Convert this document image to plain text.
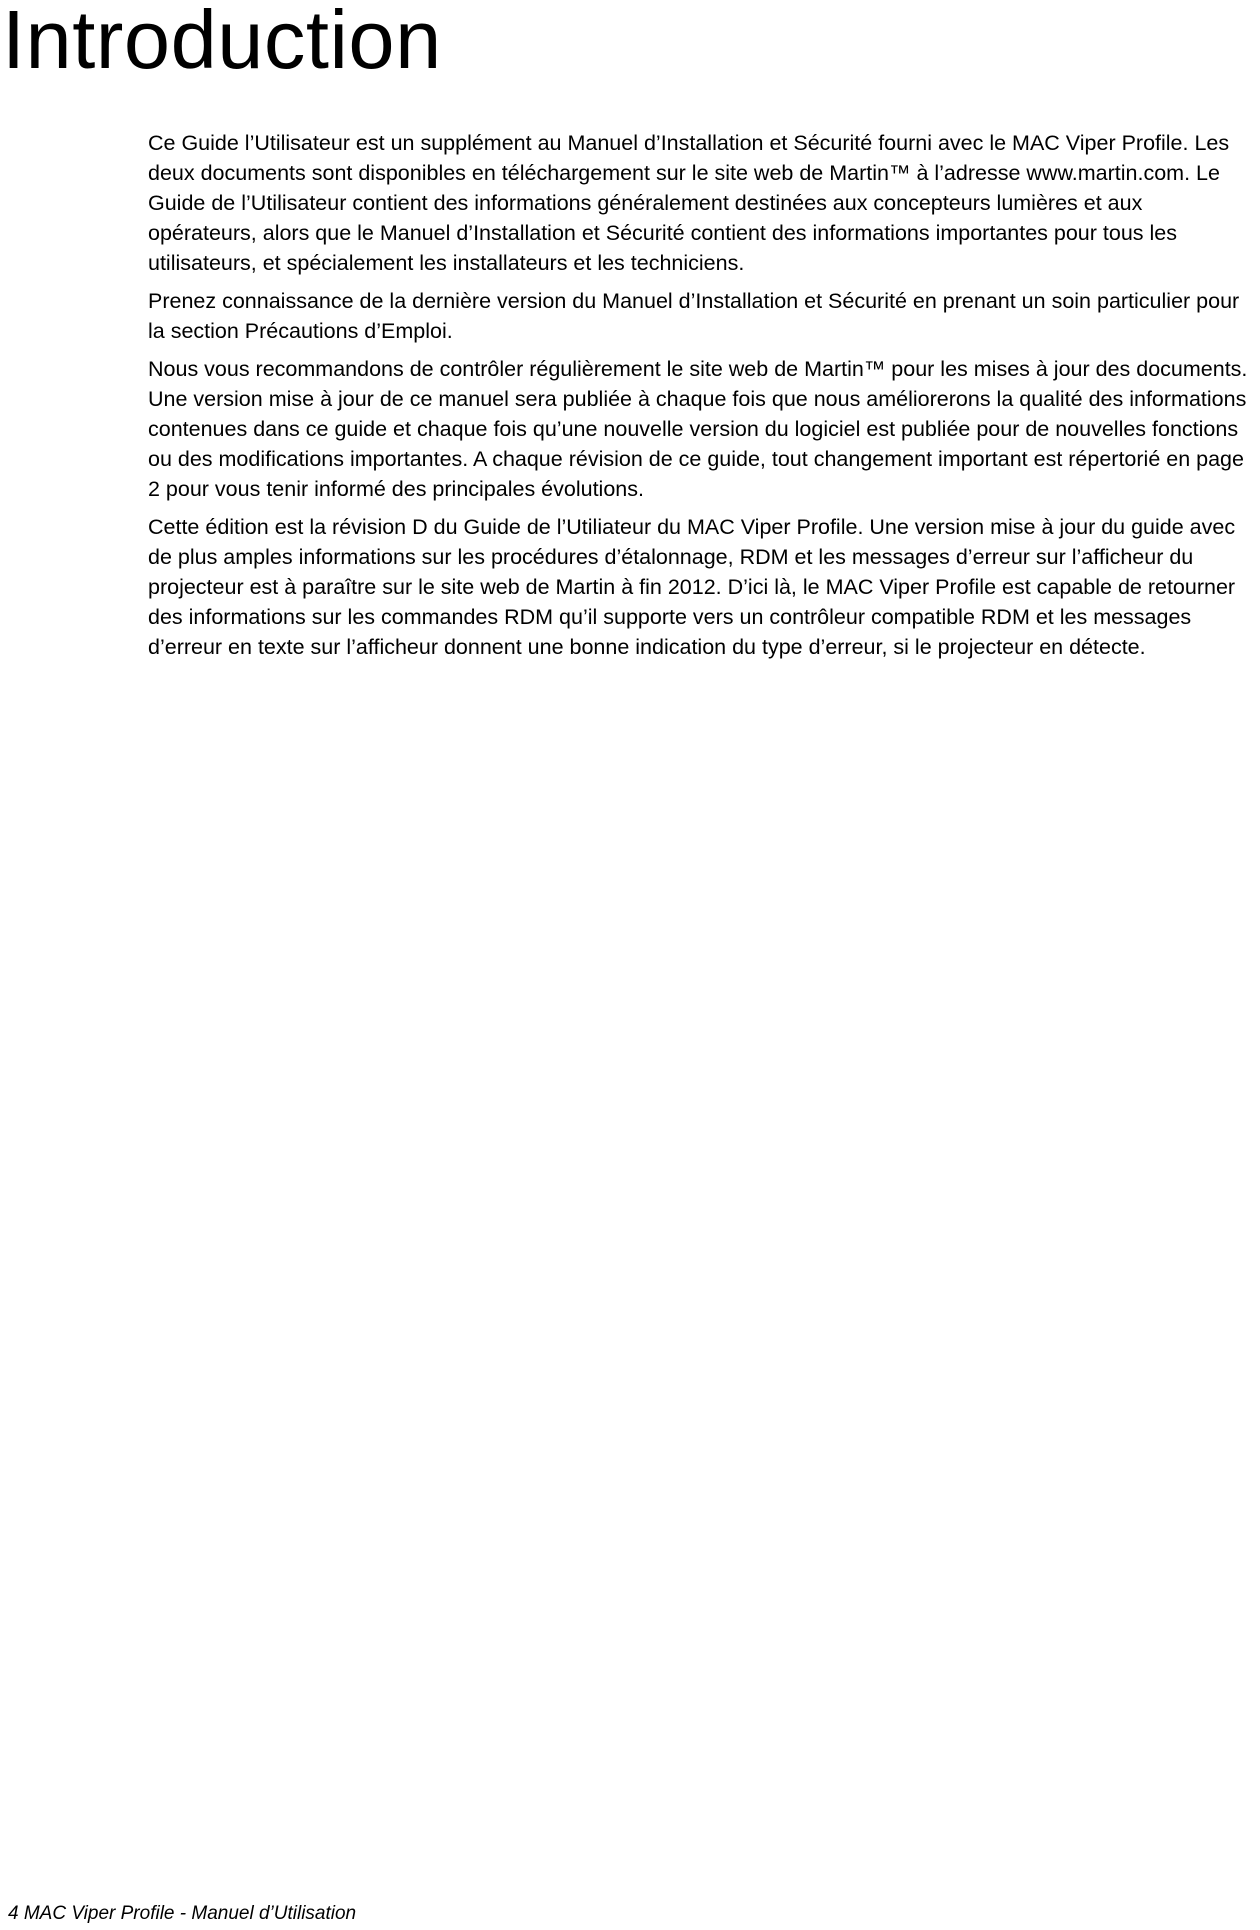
Introduction

Ce Guide l’Utilisateur est un supplément au Manuel d’Installation et Sécurité fourni avec le MAC Viper Profile. Les deux documents sont disponibles en téléchargement sur le site web de Martin™ à l’adresse www.martin.com. Le Guide de l’Utilisateur contient des informations généralement destinées aux concepteurs lumières et aux opérateurs, alors que le Manuel d’Installation et Sécurité contient des informations importantes pour tous les utilisateurs, et spécialement les installateurs et les techniciens.

Prenez connaissance de la dernière version du Manuel d’Installation et Sécurité en prenant un soin particulier pour la section Précautions d’Emploi.

Nous vous recommandons de contrôler régulièrement le site web de Martin™ pour les mises à jour des documents. Une version mise à jour de ce manuel sera publiée à chaque fois que nous améliorerons la qualité des informations contenues dans ce guide et chaque fois qu’une nouvelle version du logiciel est publiée pour de nouvelles fonctions ou des modifications importantes. A chaque révision de ce guide, tout changement important est répertorié en page 2 pour vous tenir informé des principales évolutions.

Cette édition est la révision D du Guide de l’Utiliateur du MAC Viper Profile. Une version mise à jour du guide avec de plus amples informations sur les procédures d’étalonnage, RDM et les messages d’erreur sur l’afficheur du projecteur est à paraître sur le site web de Martin à fin 2012. D’ici là, le MAC Viper Profile est capable de retourner des informations sur les commandes RDM qu’il supporte vers un contrôleur compatible RDM et les messages d’erreur en texte sur l’afficheur donnent une bonne indication du type d’erreur, si le projecteur en détecte.

4 MAC Viper Profile - Manuel d’Utilisation
